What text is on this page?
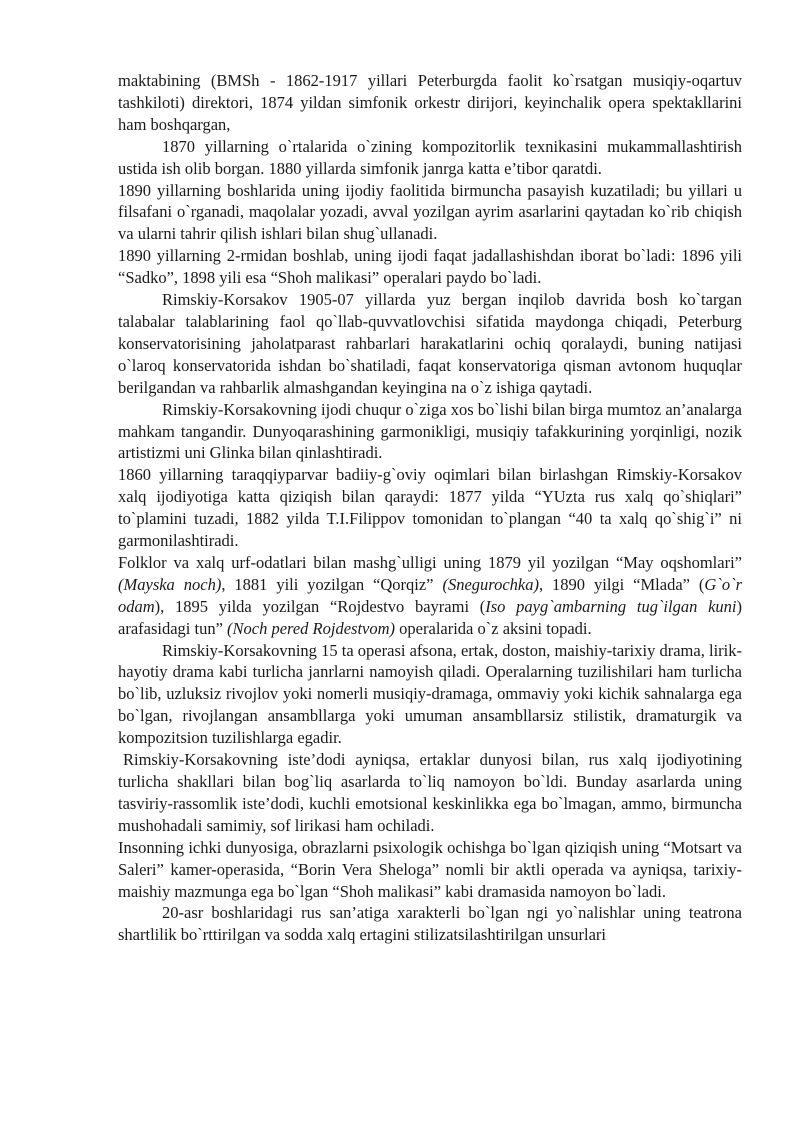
maktabining (BMSh - 1862-1917 yillari Peterburgda faolit ko`rsatgan musiqiy-oqartuv tashkiloti) direktori, 1874 yildan simfonik orkestr dirijori, keyinchalik opera spektakllarini ham boshqargan,

1870 yillarning o`rtalarida o`zining kompozitorlik texnikasini mukammallashtirish ustida ish olib borgan. 1880 yillarda simfonik janrga katta e’tibor qaratdi.

1890 yillarning boshlarida uning ijodiy faolitida birmuncha pasayish kuzatiladi; bu yillari u filsafani o`rganadi, maqolalar yozadi, avval yozilgan ayrim asarlarini qaytadan ko`rib chiqish va ularni tahrir qilish ishlari bilan shug`ullanadi.

1890 yillarning 2-rmidan boshlab, uning ijodi faqat jadallashishdan iborat bo`ladi: 1896 yili “Sadko”, 1898 yili esa “Shoh malikasi” operalari paydo bo`ladi.

Rimskiy-Korsakov 1905-07 yillarda yuz bergan inqilob davrida bosh ko`targan talabalar talablarining faol qo`llab-quvvatlovchisi sifatida maydonga chiqadi, Peterburg konservatorisining jaholatparast rahbarlari harakatlarini ochiq qoralaydi, buning natijasi o`laroq konservatorida ishdan bo`shatiladi, faqat konservatoriga qisman avtonom huquqlar berilgandan va rahbarlik almashgandan keyingina na o`z ishiga qaytadi.

Rimskiy-Korsakovning ijodi chuqur o`ziga xos bo`lishi bilan birga mumtoz an’analarga mahkam tangandir. Dunyoqarashining garmonikligi, musiqiy tafakkurining yorqinligi, nozik artistizmi uni Glinka bilan qinlashtiradi.

1860 yillarning taraqqiyparvar badiiy-g`oviy oqimlari bilan birlashgan Rimskiy-Korsakov xalq ijodiyotiga katta qiziqish bilan qaraydi: 1877 yilda “YUzta rus xalq qo`shiqlari” to`plamini tuzadi, 1882 yilda T.I.Filippov tomonidan to`plangan “40 ta xalq qo`shig`i” ni garmonilashtiradi.

Folklor va xalq urf-odatlari bilan mashg`ulligi uning 1879 yil yozilgan “May oqshomlari” (Mayska noch), 1881 yili yozilgan “Qorqiz” (Snegurochka), 1890 yilgi “Mlada” (G`o`r odam), 1895 yilda yozilgan “Rojdestvo bayrami (Iso payg`ambarning tug`ilgan kuni) arafasidagi tun” (Noch pered Rojdestvom) operalarida o`z aksini topadi.

Rimskiy-Korsakovning 15 ta operasi afsona, ertak, doston, maishiy-tarixiy drama, lirik-hayotiy drama kabi turlicha janrlarni namoyish qiladi. Operalarning tuzilishilari ham turlicha bo`lib, uzluksiz rivojlov yoki nomerli musiqiy-dramaga, ommaviy yoki kichik sahnalarga ega bo`lgan, rivojlangan ansambllarga yoki umuman ansambllarsiz stilistik, dramaturgik va kompozitsion tuzilishlarga egadir.

Rimskiy-Korsakovning iste’dodi ayniqsa, ertaklar dunyosi bilan, rus xalq ijodiyotining turlicha shakllari bilan bog`liq asarlarda to`liq namoyon bo`ldi. Bunday asarlarda uning tasviriy-rassomlik iste’dodi, kuchli emotsional keskinlikka ega bo`lmagan, ammo, birmuncha mushohadali samimiy, sof lirikasi ham ochiladi.

Insonning ichki dunyosiga, obrazlarni psixologik ochishga bo`lgan qiziqish uning “Motsart va Saleri” kamer-operasida, “Borin Vera Sheloga” nomli bir aktli operada va ayniqsa, tarixiy-maishiy mazmunga ega bo`lgan “Shoh malikasi” kabi dramasida namoyon bo`ladi.

20-asr boshlaridagi rus san’atiga xarakterli bo`lgan ngi yo`nalishlar uning teatrona shartlilik bo`rttirilgan va sodda xalq ertagini stilizatsilashtirilgan unsurlari
